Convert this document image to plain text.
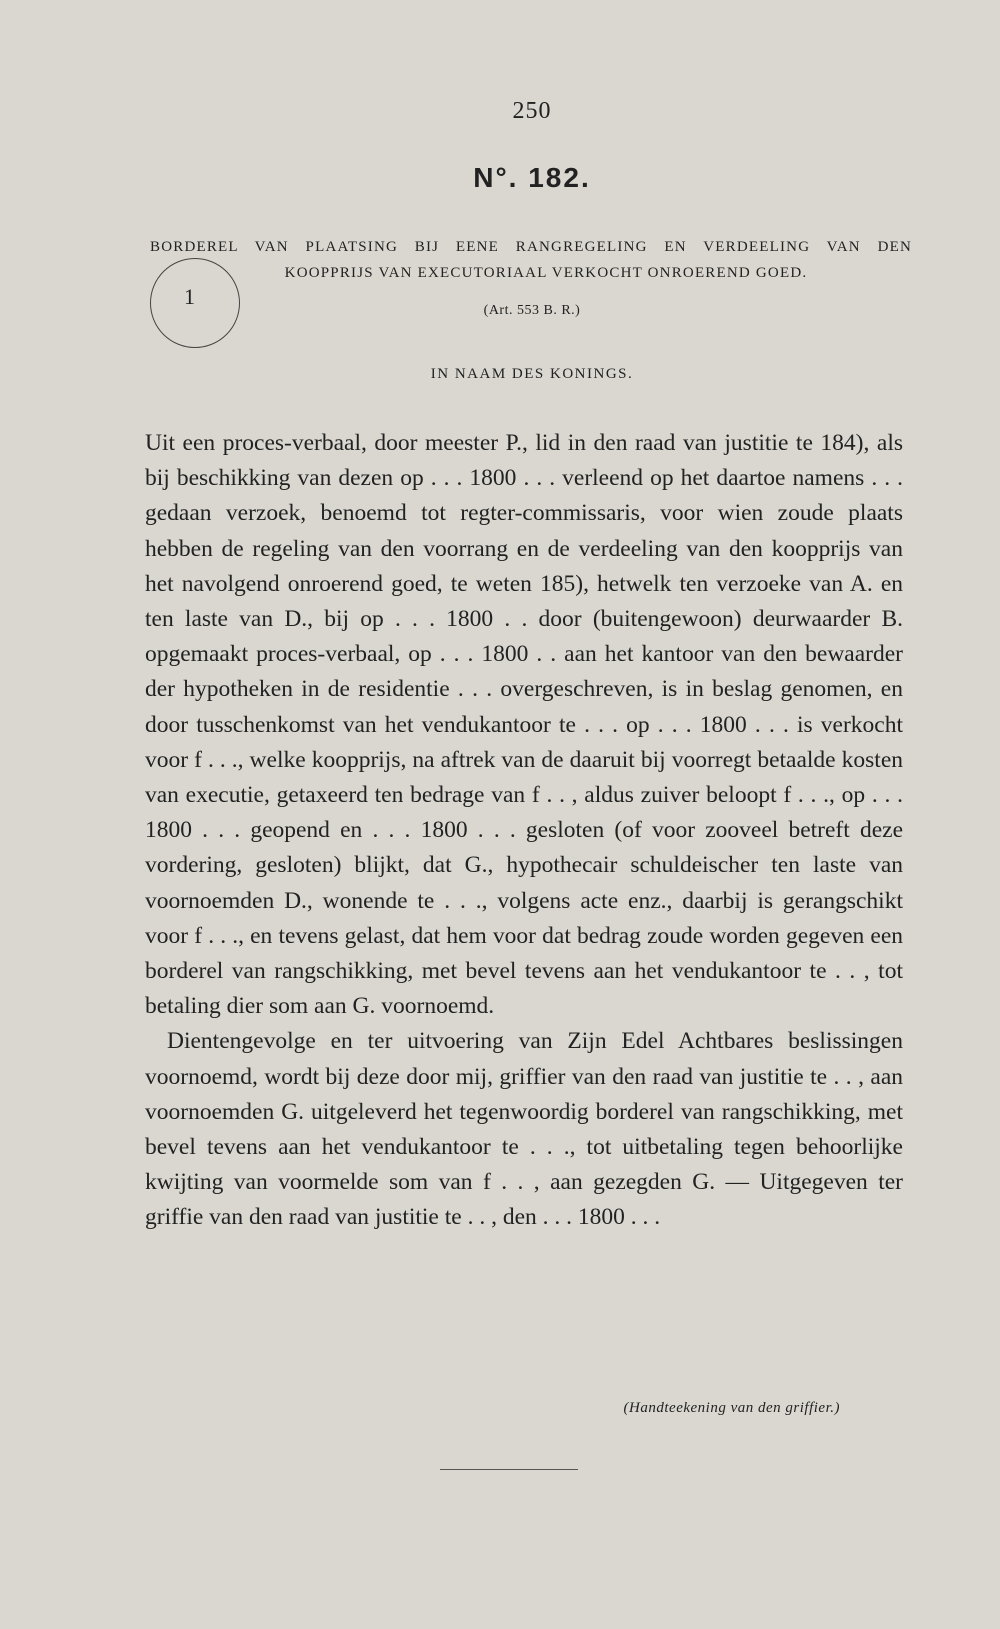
250
N°. 182.
BORDEREL VAN PLAATSING BIJ EENE RANGREGELING EN VERDEELING VAN DEN
KOOPPRIJS VAN EXECUTORIAAL VERKOCHT ONROEREND GOED.
1
(Art. 553 B. R.)
IN NAAM DES KONINGS.

Uit een proces-verbaal, door meester P., lid in den raad van justitie te 184), als bij beschikking van dezen op . . . 1800 . . . verleend op het daartoe namens . . . gedaan verzoek, benoemd tot regter-commissaris, voor wien zoude plaats hebben de regeling van den voorrang en de verdeeling van den koopprijs van het navolgend onroerend goed, te weten 185), hetwelk ten verzoeke van A. en ten laste van D., bij op . . . 1800 . . door (buitengewoon) deurwaarder B. opgemaakt proces-verbaal, op . . . 1800 . . aan het kantoor van den bewaarder der hypotheken in de residentie . . . overgeschreven, is in beslag genomen, en door tusschenkomst van het vendukantoor te . . . op . . . 1800 . . . is verkocht voor f . . ., welke koopprijs, na aftrek van de daaruit bij voorregt betaalde kosten van executie, getaxeerd ten bedrage van f . . , aldus zuiver beloopt f . . ., op . . . 1800 . . . geopend en . . . 1800 . . . gesloten (of voor zooveel betreft deze vordering, gesloten) blijkt, dat G., hypothecair schuldeischer ten laste van voornoemden D., wonende te . . ., volgens acte enz., daarbij is gerangschikt voor f . . ., en tevens gelast, dat hem voor dat bedrag zoude worden gegeven een borderel van rangschikking, met bevel tevens aan het vendukantoor te . . , tot betaling dier som aan G. voornoemd.

Dientengevolge en ter uitvoering van Zijn Edel Achtbares beslissingen voornoemd, wordt bij deze door mij, griffier van den raad van justitie te . . , aan voornoemden G. uitgeleverd het tegenwoordig borderel van rangschikking, met bevel tevens aan het vendukantoor te . . ., tot uitbetaling tegen behoorlijke kwijting van voormelde som van f . . , aan gezegden G. — Uitgegeven ter griffie van den raad van justitie te . . , den . . . 1800 . . .

(Handteekening van den griffier.)
